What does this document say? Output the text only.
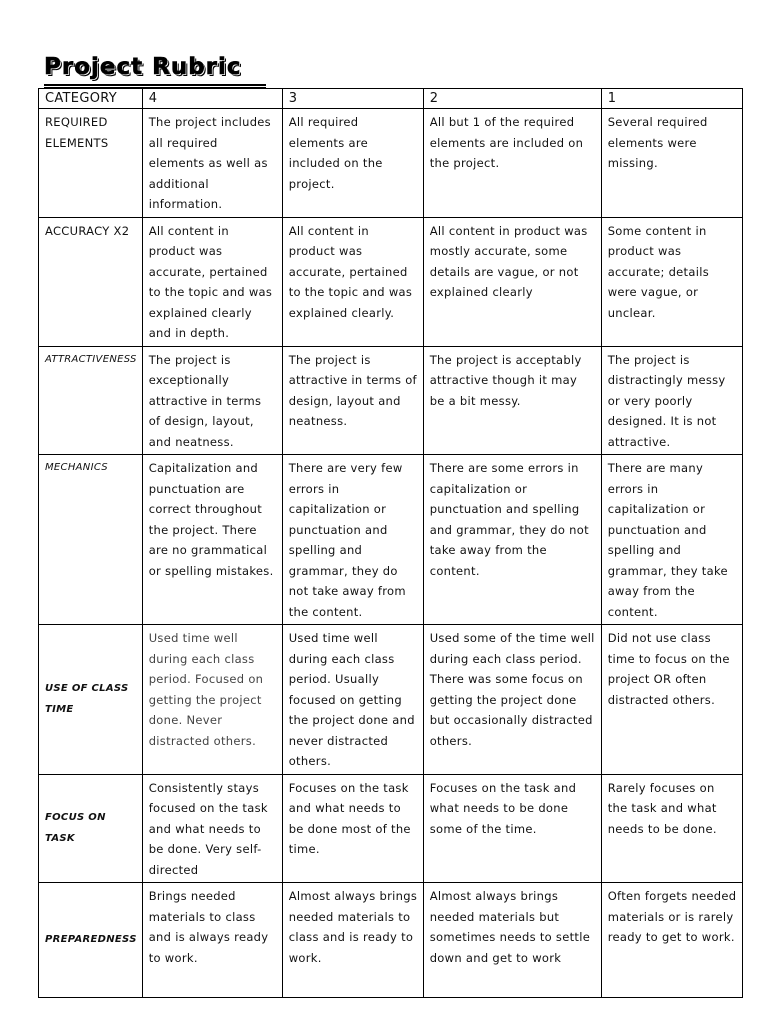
Project Rubric
CATEGORY	4	3	2	1
REQUIRED ELEMENTS	The project includes all required elements as well as additional information.	All required elements are included on the project.	All but 1 of the required elements are included on the project.	Several required elements were missing.
ACCURACY X2	All content in product was accurate, pertained to the topic and was explained clearly and in depth.	All content in product was accurate, pertained to the topic and was explained clearly.	All content in product was mostly accurate, some details are vague, or not explained clearly	Some content in product was accurate; details were vague, or unclear.
ATTRACTIVENESS	The project is exceptionally attractive in terms of design, layout, and neatness.	The project is attractive in terms of design, layout and neatness.	The project is acceptably attractive though it may be a bit messy.	The project is distractingly messy or very poorly designed. It is not attractive.
MECHANICS	Capitalization and punctuation are correct throughout the project. There are no grammatical or spelling mistakes.	There are very few errors in capitalization or punctuation and spelling and grammar, they do not take away from the content.	There are some errors in capitalization or punctuation and spelling and grammar, they do not take away from the content.	There are many errors in capitalization or punctuation and spelling and grammar, they take away from the content.
USE OF CLASS TIME	Used time well during each class period. Focused on getting the project done. Never distracted others.	Used time well during each class period. Usually focused on getting the project done and never distracted others.	Used some of the time well during each class period. There was some focus on getting the project done but occasionally distracted others.	Did not use class time to focus on the project OR often distracted others.
FOCUS ON TASK	Consistently stays focused on the task and what needs to be done. Very self-directed	Focuses on the task and what needs to be done most of the time.	Focuses on the task and what needs to be done some of the time.	Rarely focuses on the task and what needs to be done.
PREPAREDNESS	Brings needed materials to class and is always ready to work.	Almost always brings needed materials to class and is ready to work.	Almost always brings needed materials but sometimes needs to settle down and get to work	Often forgets needed materials or is rarely ready to get to work.
